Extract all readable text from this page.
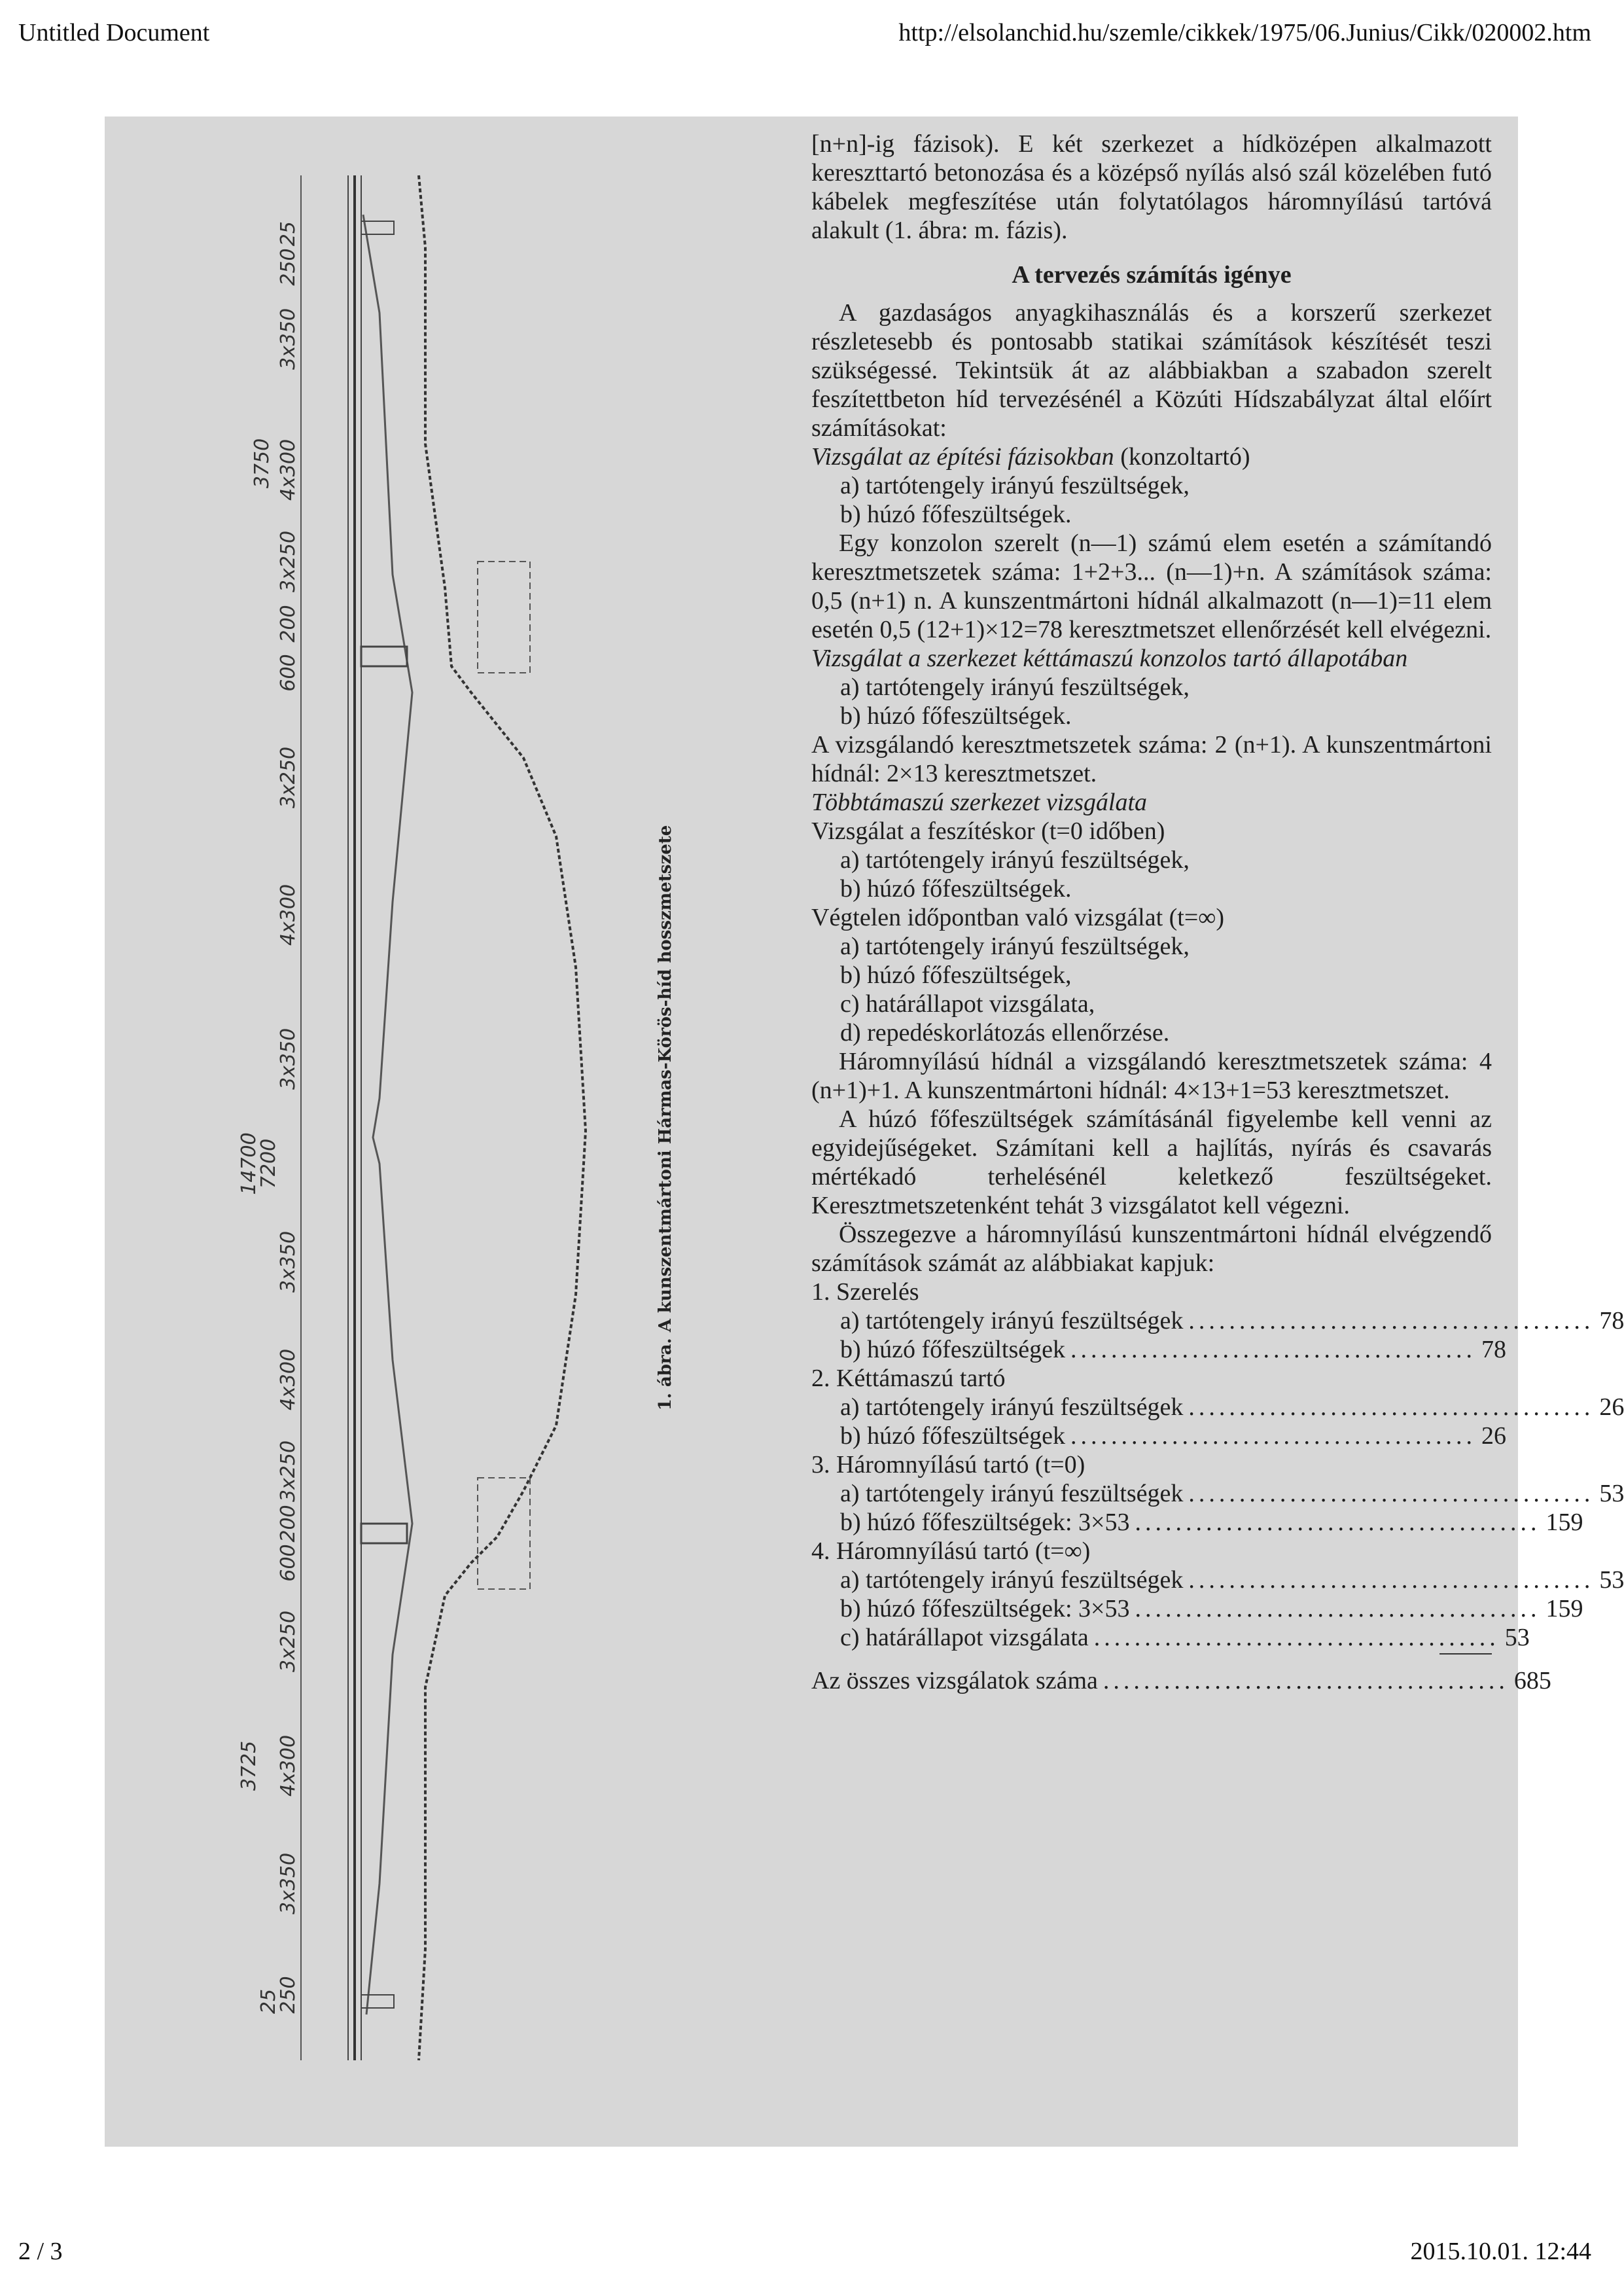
Untitled Document	http://elsolanchid.hu/szemle/cikkek/1975/06.Junius/Cikk/020002.htm
2 / 3	2015.10.01. 12:44
25
250
3x350
3750 4x300
3x250
200
600
3x250
4x300
3x350
14700
7200
3x350
4x300
3x250
200
600
3x250
3725 4x300
3x350
250
25
1. ábra. A kunszentmártoni Hármas-Körös-híd hosszmetszete

[n+n]-ig fázisok). E két szerkezet a hídközépen alkalmazott kereszttartó betonozása és a középső nyílás alsó szál közelében futó kábelek megfeszítése után folytatólagos háromnyílású tartóvá alakult (1. ábra: m. fázis).

A tervezés számítás igénye

A gazdaságos anyagkihasználás és a korszerű szerkezet részletesebb és pontosabb statikai számítások készítését teszi szükségessé. Tekintsük át az alábbiakban a szabadon szerelt feszítettbeton híd tervezésénél a Közúti Hídszabályzat által előírt számításokat:

Vizsgálat az építési fázisokban (konzoltartó)

a) tartótengely irányú feszültségek,

b) húzó főfeszültségek.

Egy konzolon szerelt (n—1) számú elem esetén a számítandó keresztmetszetek száma: 1+2+3... (n—1)+n. A számítások száma: 0,5 (n+1) n. A kunszentmártoni hídnál alkalmazott (n—1)=11 elem esetén 0,5 (12+1)×12=78 keresztmetszet ellenőrzését kell elvégezni.

Vizsgálat a szerkezet kéttámaszú konzolos tartó állapotában

a) tartótengely irányú feszültségek,

b) húzó főfeszültségek.

A vizsgálandó keresztmetszetek száma: 2 (n+1). A kunszentmártoni hídnál: 2×13 keresztmetszet.

Többtámaszú szerkezet vizsgálata

Vizsgálat a feszítéskor (t=0 időben)

a) tartótengely irányú feszültségek,

b) húzó főfeszültségek.

Végtelen időpontban való vizsgálat (t=∞)

a) tartótengely irányú feszültségek,

b) húzó főfeszültségek,

c) határállapot vizsgálata,

d) repedéskorlátozás ellenőrzése.

Háromnyílású hídnál a vizsgálandó keresztmetszetek száma: 4 (n+1)+1. A kunszentmártoni hídnál: 4×13+1=53 keresztmetszet.

A húzó főfeszültségek számításánál figyelembe kell venni az egyidejűségeket. Számítani kell a hajlítás, nyírás és csavarás mértékadó terhelésénél keletkező feszültségeket. Keresztmetszetenként tehát 3 vizsgálatot kell végezni.

Összegezve a háromnyílású kunszentmártoni hídnál elvégzendő számítások számát az alábbiakat kapjuk:

1. Szerelés

a) tartótengely irányú feszültségek ........................................ 78
b) húzó főfeszültségek ........................................ 78

2. Kéttámaszú tartó

a) tartótengely irányú feszültségek ........................................ 26
b) húzó főfeszültségek ........................................ 26

3. Háromnyílású tartó (t=0)

a) tartótengely irányú feszültségek ........................................ 53
b) húzó főfeszültségek: 3×53 ........................................ 159

4. Háromnyílású tartó (t=∞)

a) tartótengely irányú feszültségek ........................................ 53
b) húzó főfeszültségek: 3×53 ........................................ 159
c) határállapot vizsgálata ........................................ 53
Az összes vizsgálatok száma ........................................ 685
